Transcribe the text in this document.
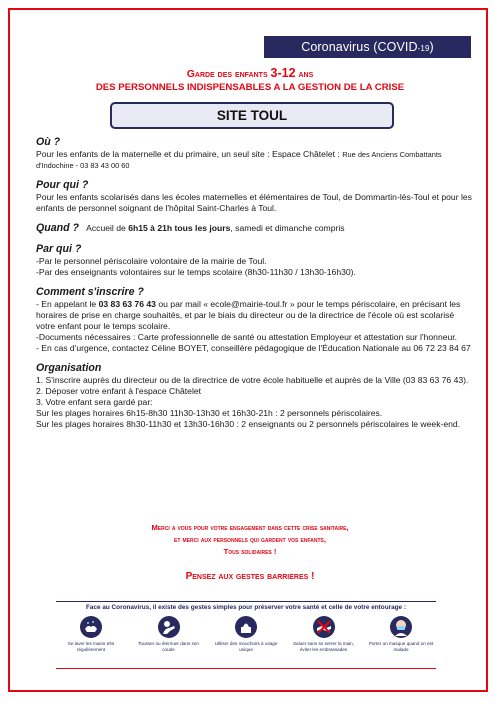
Coronavirus (COVID-19)
Garde des enfants 3-12 ans
DES PERSONNELS INDISPENSABLES A LA GESTION DE LA CRISE
SITE TOUL
Où ?

Pour les enfants de la maternelle et du primaire, un seul site : Espace Châtelet : Rue des Anciens Combattants d'Indochine - 03 83 43 00 60

Pour qui ?

Pour les enfants scolarisés dans les écoles maternelles et élémentaires de Toul, de Dommartin-lès-Toul et pour les enfants de personnel soignant de l'hôpital Saint-Charles à Toul.

Quand ? Accueil de 6h15 à 21h tous les jours, samedi et dimanche compris

Par qui ?

-Par le personnel périscolaire volontaire de la mairie de Toul.

-Par des enseignants volontaires sur le temps scolaire (8h30-11h30 / 13h30-16h30).

Comment s'inscrire ?

- En appelant le 03 83 63 76 43 ou par mail « ecole@mairie-toul.fr » pour le temps périscolaire, en précisant les horaires de prise en charge souhaités, et par le biais du directeur ou de la directrice de l'école où est scolarisé votre enfant pour le temps scolaire.

-Documents nécessaires : Carte professionnelle de santé ou attestation Employeur et attestation sur l'honneur.

- En cas d'urgence, contactez Céline BOYET, conseillère pédagogique de l'Éducation Nationale au 06 72 23 84 67

Organisation

1. S'inscrire auprès du directeur ou de la directrice de votre école habituelle et auprès de la Ville (03 83 63 76 43).

2. Déposer votre enfant à l'espace Châtelet

3. Votre enfant sera gardé par:

Sur les plages horaires 6h15-8h30 11h30-13h30 et 16h30-21h : 2 personnels périscolaires.

Sur les plages horaires 8h30-11h30 et 13h30-16h30 : 2 enseignants ou 2 personnels périscolaires le week-end.

Merci a vous pour votre engagement dans cette crise sanitaire,
et merci aux personnels qui gardent vos enfants,
Tous solidaires !
Pensez aux gestes barrieres !
Face au Coronavirus, il existe des gestes simples pour préserver votre santé et celle de votre entourage :
Se laver les mains très régulièrement
Tousser ou éternuer dans son coude
Utiliser des mouchoirs à usage unique
Saluer sans se serrer la main, éviter les embrassades
Porter un masque quand on est malade
